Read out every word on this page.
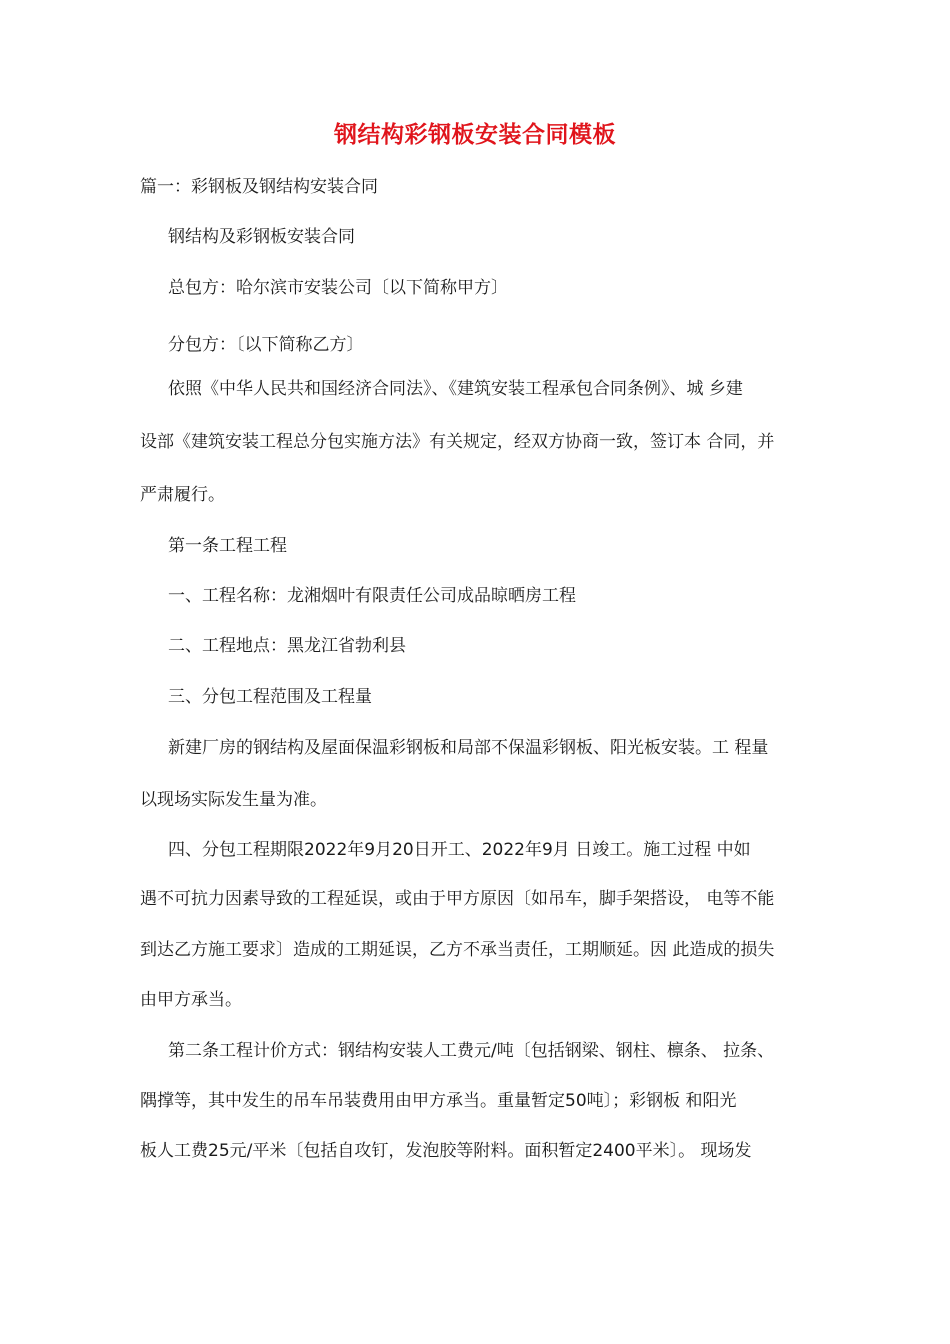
钢结构彩钢板安装合同模板
篇一：彩钢板及钢结构安装合同
钢结构及彩钢板安装合同
总包方：哈尔滨市安装公司〔以下简称甲方〕
分包方：〔以下简称乙方〕
依照《中华人民共和国经济合同法》、《建筑安装工程承包合同条例》、城 乡建
设部《建筑安装工程总分包实施方法》有关规定，经双方协商一致，签订本 合同，并
严肃履行。
第一条工程工程
一、工程名称：龙湘烟叶有限责任公司成品晾晒房工程
二、工程地点：黑龙江省勃利县
三、分包工程范围及工程量
新建厂房的钢结构及屋面保温彩钢板和局部不保温彩钢板、阳光板安装。工 程量
以现场实际发生量为准。
四、分包工程期限2022年9月20日开工、2022年9月 日竣工。施工过程 中如
遇不可抗力因素导致的工程延误，或由于甲方原因〔如吊车，脚手架搭设， 电等不能
到达乙方施工要求〕造成的工期延误，乙方不承当责任，工期顺延。因 此造成的损失
由甲方承当。
第二条工程计价方式：钢结构安装人工费元/吨〔包括钢梁、钢柱、檩条、 拉条、
隅撑等，其中发生的吊车吊装费用由甲方承当。重量暂定50吨〕；彩钢板 和阳光
板人工费25元/平米〔包括自攻钉，发泡胶等附料。面积暂定2400平米〕。 现场发
